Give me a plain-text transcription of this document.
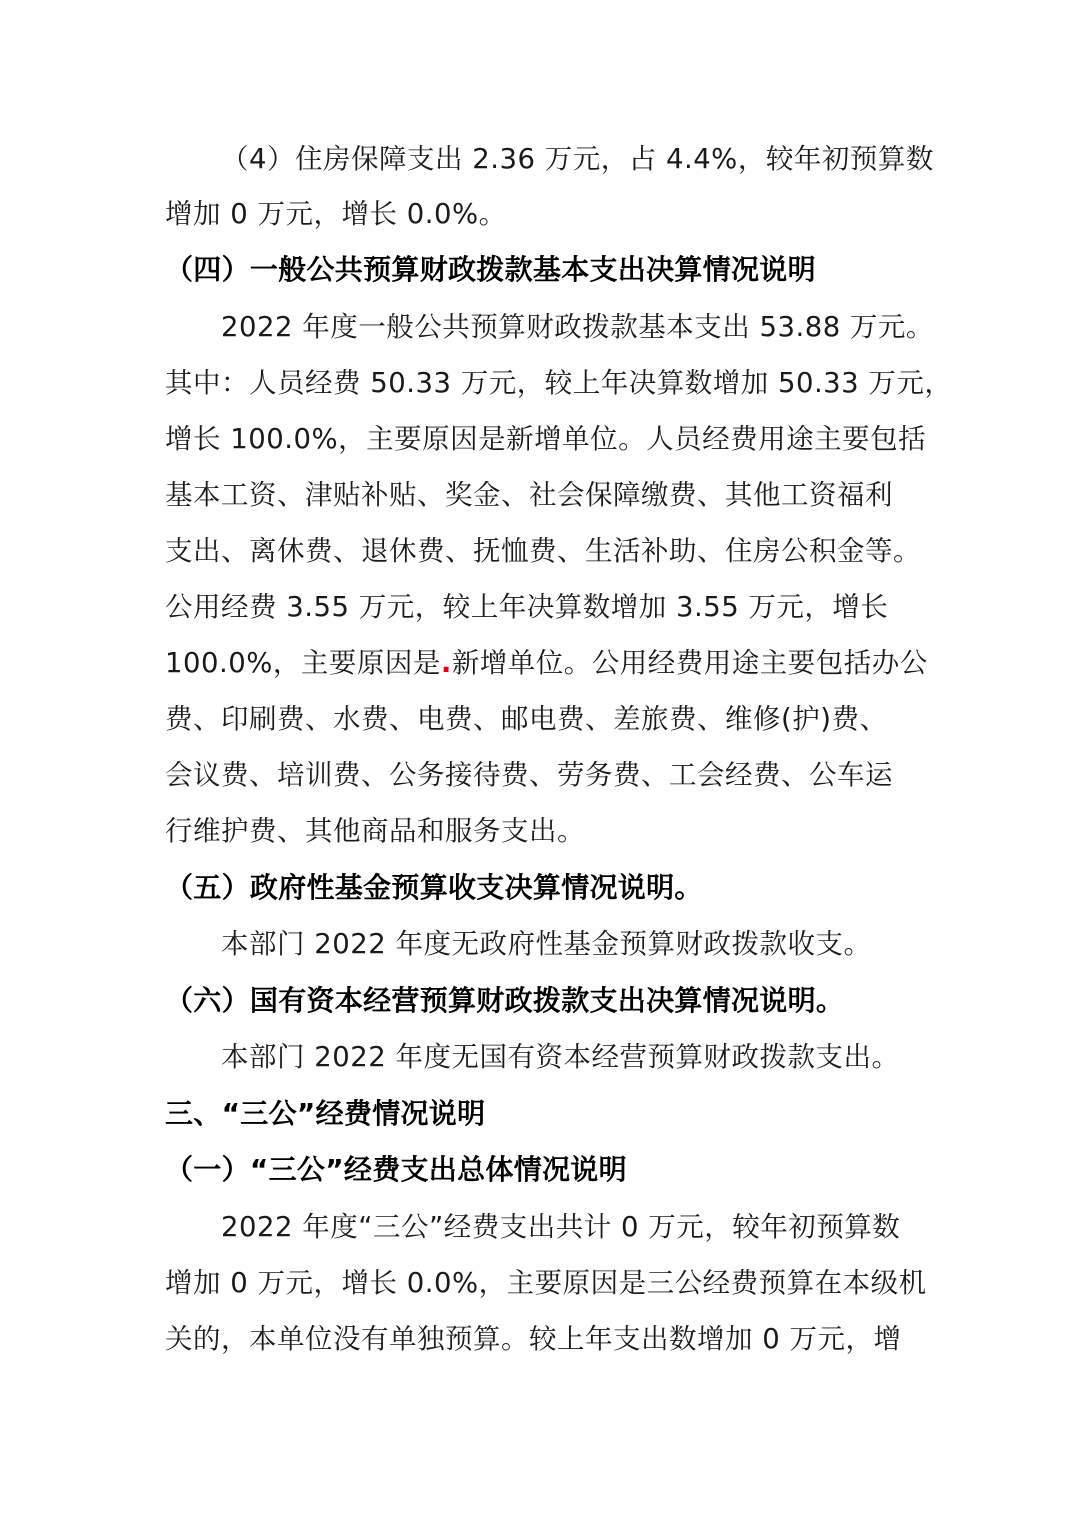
（4）住房保障支出 2.36 万元，占 4.4%，较年初预算数
增加 0 万元，增长 0.0%。
（四）一般公共预算财政拨款基本支出决算情况说明
2022 年度一般公共预算财政拨款基本支出 53.88 万元。
其中：人员经费 50.33 万元，较上年决算数增加 50.33 万元，
增长 100.0%，主要原因是新增单位。人员经费用途主要包括
基本工资、津贴补贴、奖金、社会保障缴费、其他工资福利
支出、离休费、退休费、抚恤费、生活补助、住房公积金等。
公用经费 3.55 万元，较上年决算数增加 3.55 万元，增长
100.0%，主要原因是.新增单位。公用经费用途主要包括办公
费、印刷费、水费、电费、邮电费、差旅费、维修(护)费、
会议费、培训费、公务接待费、劳务费、工会经费、公车运
行维护费、其他商品和服务支出。
（五）政府性基金预算收支决算情况说明。
本部门 2022 年度无政府性基金预算财政拨款收支。
（六）国有资本经营预算财政拨款支出决算情况说明。
本部门 2022 年度无国有资本经营预算财政拨款支出。
三、“三公”经费情况说明
（一）“三公”经费支出总体情况说明
2022 年度“三公”经费支出共计 0 万元，较年初预算数
增加 0 万元，增长 0.0%，主要原因是三公经费预算在本级机
关的，本单位没有单独预算。较上年支出数增加 0 万元，增
